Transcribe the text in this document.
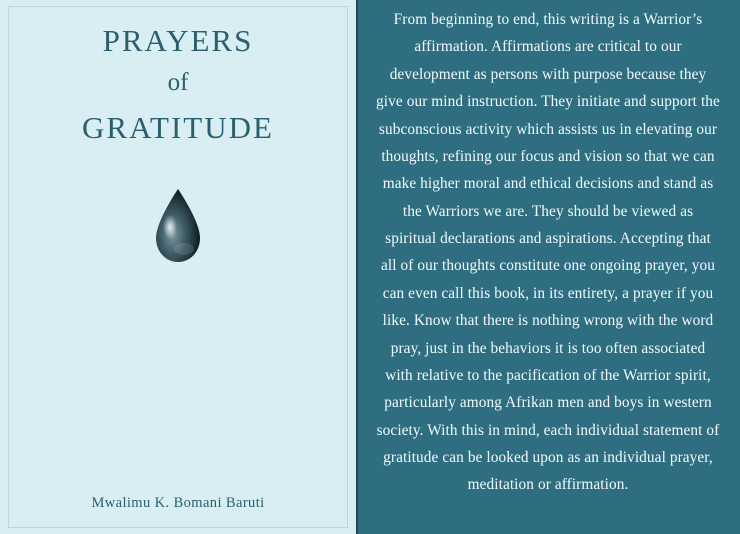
PRAYERS
of
GRATITUDE
Mwalimu K. Bomani Baruti

From beginning to end, this writing is a Warrior’s affirmation. Affirmations are critical to our development as persons with purpose because they give our mind instruction. They initiate and support the subconscious activity which assists us in elevating our thoughts, refining our focus and vision so that we can make higher moral and ethical decisions and stand as the Warriors we are. They should be viewed as spiritual declarations and aspirations. Accepting that all of our thoughts constitute one ongoing prayer, you can even call this book, in its entirety, a prayer if you like. Know that there is nothing wrong with the word pray, just in the behaviors it is too often associated with relative to the pacification of the Warrior spirit, particularly among Afrikan men and boys in western society. With this in mind, each individual statement of gratitude can be looked upon as an individual prayer, meditation or affirmation.
